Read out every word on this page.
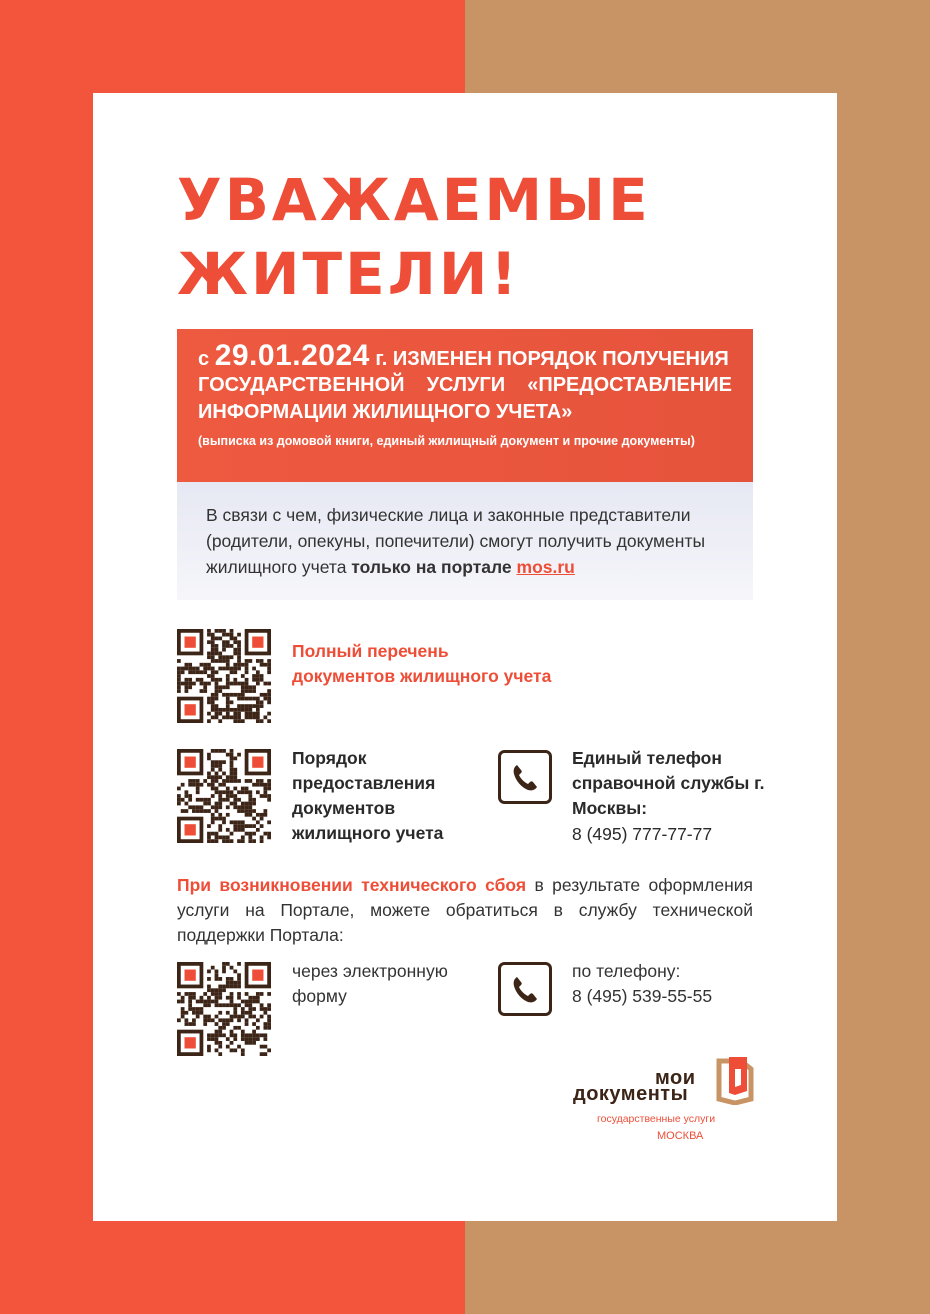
УВАЖАЕМЫЕ
ЖИТЕЛИ!
с 29.01.2024 г. ИЗМЕНЕН ПОРЯДОК ПОЛУЧЕНИЯ
ГОСУДАРСТВЕННОЙ УСЛУГИ «ПРЕДОСТАВЛЕНИЕ
ИНФОРМАЦИИ ЖИЛИЩНОГО УЧЕТА»
(выписка из домовой книги, единый жилищный документ и прочие документы)
В связи с чем, физические лица и законные представители (родители, опекуны, попечители) смогут получить документы жилищного учета только на портале mos.ru

Полный перечень документов жилищного учета

Порядок предоставления документов жилищного учета

Единый телефон справочной службы г. Москвы:

8 (495) 777-77-77

При возникновении технического сбоя в результате оформления услуги на Портале, можете обратиться в службу технической поддержки Портала:

через электронную форму

по телефону:

8 (495) 539-55-55

мои
документы
государственные услуги
МОСКВА
